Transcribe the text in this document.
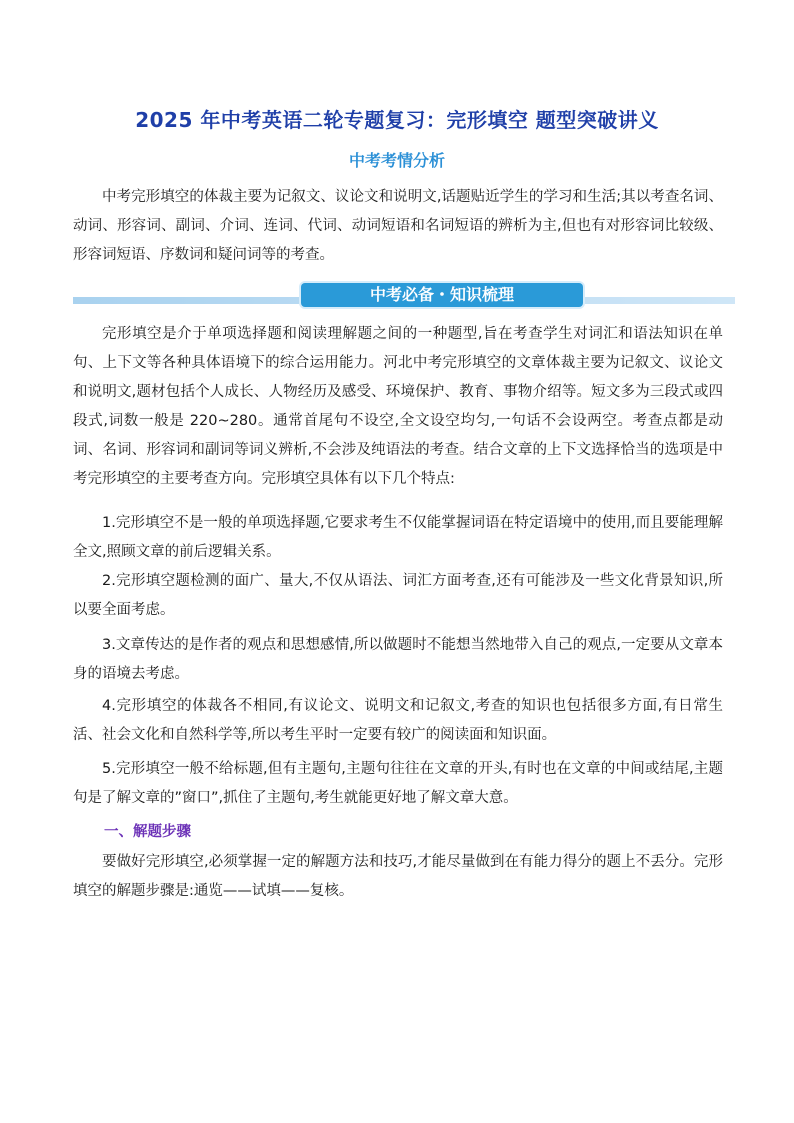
2025 年中考英语二轮专题复习：完形填空 题型突破讲义
中考考情分析

中考完形填空的体裁主要为记叙文、议论文和说明文,话题贴近学生的学习和生活;其以考查名词、动词、形容词、副词、介词、连词、代词、动词短语和名词短语的辨析为主,但也有对形容词比较级、形容词短语、序数词和疑问词等的考查。

中考必备・知识梳理

完形填空是介于单项选择题和阅读理解题之间的一种题型,旨在考查学生对词汇和语法知识在单句、上下文等各种具体语境下的综合运用能力。河北中考完形填空的文章体裁主要为记叙文、议论文和说明文,题材包括个人成长、人物经历及感受、环境保护、教育、事物介绍等。短文多为三段式或四段式,词数一般是 220~280。通常首尾句不设空,全文设空均匀,一句话不会设两空。考查点都是动词、名词、形容词和副词等词义辨析,不会涉及纯语法的考查。结合文章的上下文选择恰当的选项是中考完形填空的主要考查方向。完形填空具体有以下几个特点:

1.完形填空不是一般的单项选择题,它要求考生不仅能掌握词语在特定语境中的使用,而且要能理解全文,照顾文章的前后逻辑关系。

2.完形填空题检测的面广、量大,不仅从语法、词汇方面考查,还有可能涉及一些文化背景知识,所以要全面考虑。

3.文章传达的是作者的观点和思想感情,所以做题时不能想当然地带入自己的观点,一定要从文章本身的语境去考虑。

4.完形填空的体裁各不相同,有议论文、说明文和记叙文,考查的知识也包括很多方面,有日常生活、社会文化和自然科学等,所以考生平时一定要有较广的阅读面和知识面。

5.完形填空一般不给标题,但有主题句,主题句往往在文章的开头,有时也在文章的中间或结尾,主题句是了解文章的”窗口”,抓住了主题句,考生就能更好地了解文章大意。

一、解题步骤

要做好完形填空,必须掌握一定的解题方法和技巧,才能尽量做到在有能力得分的题上不丢分。完形填空的解题步骤是:通览——试填——复核。
